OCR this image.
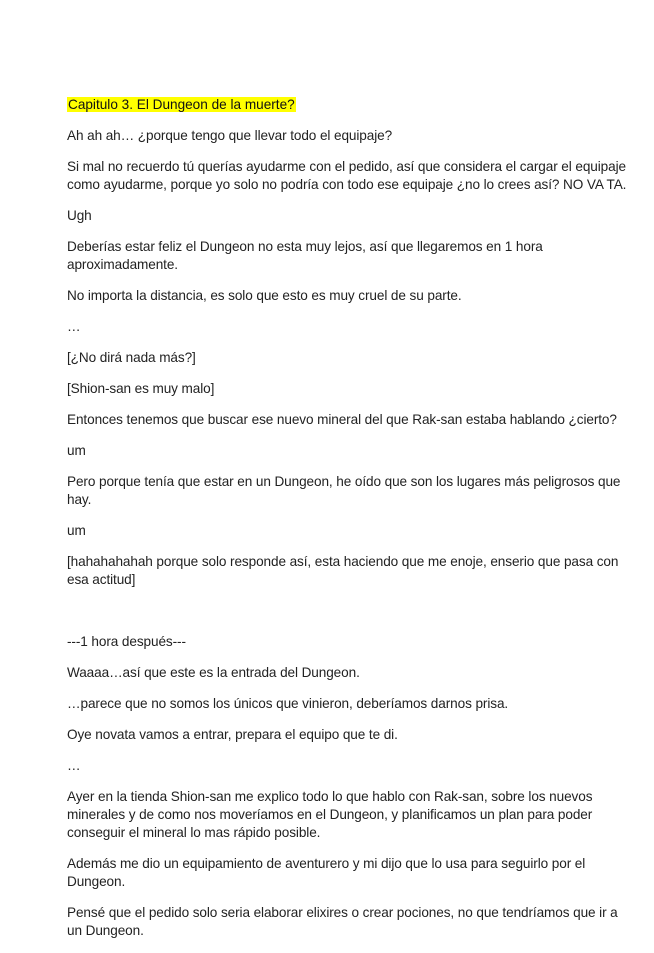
Capitulo 3. El Dungeon de la muerte?

Ah ah ah… ¿porque tengo que llevar todo el equipaje?

Si mal no recuerdo tú querías ayudarme con el pedido, así que considera el cargar el equipaje como ayudarme, porque yo solo no podría con todo ese equipaje ¿no lo crees así? NO VA TA.

Ugh

Deberías estar feliz el Dungeon no esta muy lejos, así que llegaremos en 1 hora aproximadamente.

No importa la distancia, es solo que esto es muy cruel de su parte.

…

[¿No dirá nada más?]

[Shion-san es muy malo]

Entonces tenemos que buscar ese nuevo mineral del que Rak-san estaba hablando ¿cierto?

um

Pero porque tenía que estar en un Dungeon, he oído que son los lugares más peligrosos que hay.

um

[hahahahahah porque solo responde así, esta haciendo que me enoje, enserio que pasa con esa actitud]

---1 hora después---

Waaaa…así que este es la entrada del Dungeon.

…parece que no somos los únicos que vinieron, deberíamos darnos prisa.

Oye novata vamos a entrar, prepara el equipo que te di.

…

Ayer en la tienda Shion-san me explico todo lo que hablo con Rak-san, sobre los nuevos minerales y de como nos moveríamos en el Dungeon, y planificamos un plan para poder conseguir el mineral lo mas rápido posible.

Además me dio un equipamiento de aventurero y mi dijo que lo usa para seguirlo por el Dungeon.

Pensé que el pedido solo seria elaborar elixires o crear pociones, no que tendríamos que ir a un Dungeon.
